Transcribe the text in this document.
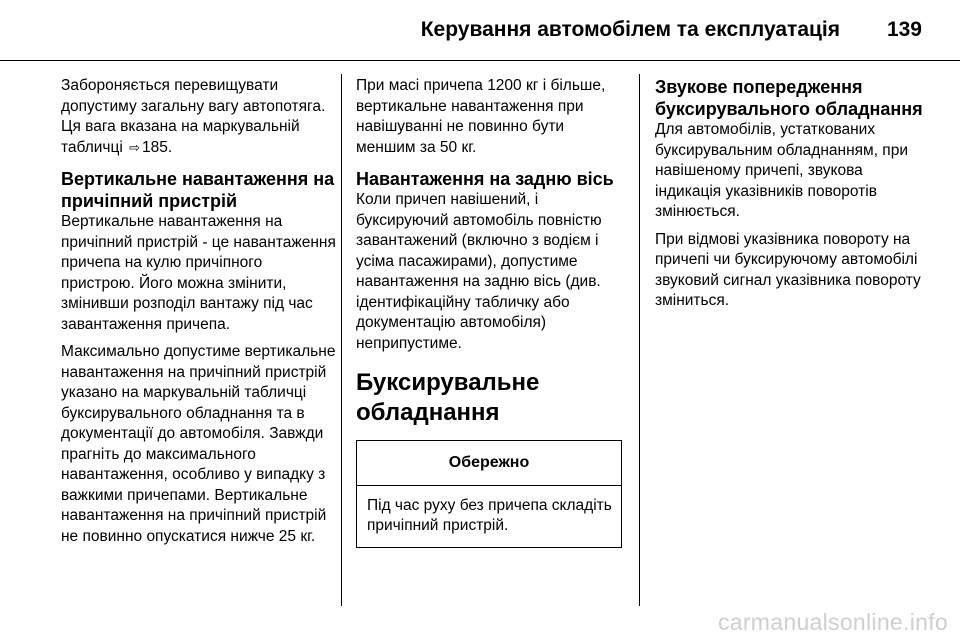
Керування автомобілем та експлуатація 139

Забороняється перевищувати допустиму загальну вагу автопотяга. Ця вага вказана на маркувальній табличці ⇨ 185.

Вертикальне навантаження на причіпний пристрій

Вертикальне навантаження на причіпний пристрій - це навантаження причепа на кулю причіпного пристрою. Його можна змінити, змінивши розподіл вантажу під час завантаження причепа.

Максимально допустиме вертикальне навантаження на причіпний пристрій указано на маркувальній табличці буксирувального обладнання та в документації до автомобіля. Завжди прагніть до максимального навантаження, особливо у випадку з важкими причепами. Вертикальне навантаження на причіпний пристрій не повинно опускатися нижче 25 кг.

При масі причепа 1200 кг і більше, вертикальне навантаження при навішуванні не повинно бути меншим за 50 кг.

Навантаження на задню вісь

Коли причеп навішений, і буксируючий автомобіль повністю завантажений (включно з водієм і усіма пасажирами), допустиме навантаження на задню вісь (див. ідентифікаційну табличку або документацію автомобіля) неприпустиме.

Буксирувальне обладнання
Обережно
Під час руху без причепа складіть причіпний пристрій.
Звукове попередження буксирувального обладнання

Для автомобілів, устаткованих буксирувальним обладнанням, при навішеному причепі, звукова індикація указівників поворотів змінюється.

При відмові указівника повороту на причепі чи буксируючому автомобілі звуковий сигнал указівника повороту зміниться.

carmanualsonline.info
